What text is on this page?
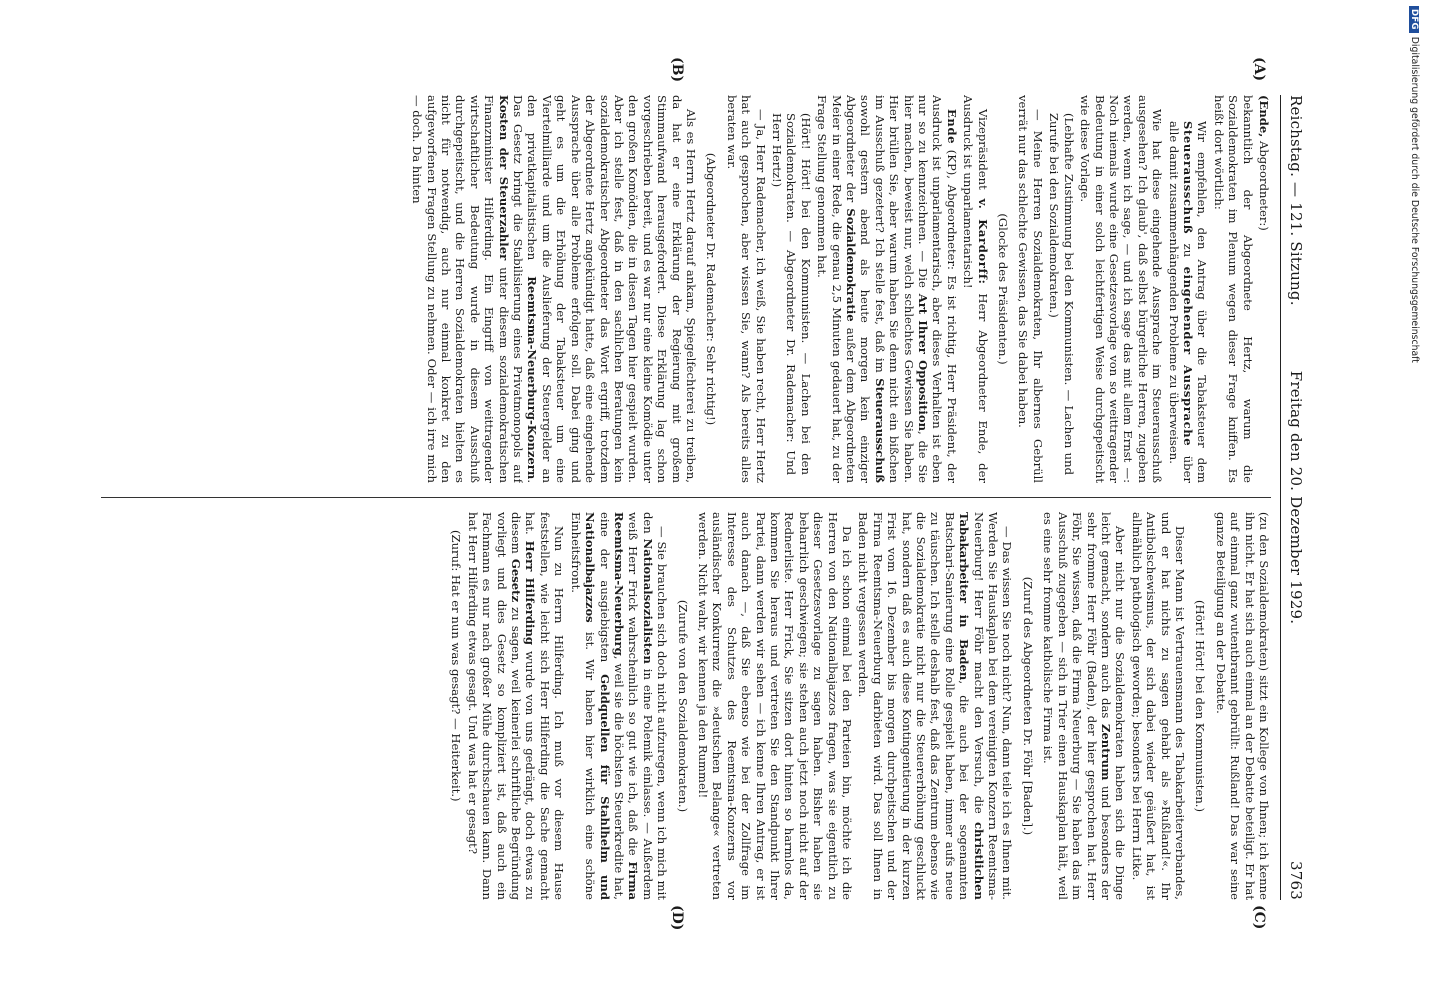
Reichstag. — 121. Sitzung.
Freitag den 20. Dezember 1929.
3763
(A)
(B)
(C)
(D)

(Ende, Abgeordneter:)

bekanntlich der Abgeordnete Hertz, warum die Sozialdemokraten im Plenum wegen dieser Frage kniffen. Es heißt dort wörtlich:

Wir empfehlen, den Antrag über die Tabaksteuer dem Steuerausschuß zu eingehender Aussprache über alle damit zusammenhängenden Probleme zu überweisen.

Wie hat diese eingehende Aussprache im Steuerausschuß ausgesehen? Ich glaub', daß selbst bürgerliche Herren, zugeben werden, wenn ich sage, — und ich sage das mit allem Ernst —: Noch niemals wurde eine Gesetzesvorlage von so weittragender Bedeutung in einer solch leichtfertigen Weise durchgepeitscht wie diese Vorlage.

(Lebhafte Zustimmung bei den Kommunisten. — Lachen und Zurufe bei den Sozialdemokraten.)

— Meine Herren Sozialdemokraten, Ihr albernes Gebrüll verrät nur das schlechte Gewissen, das Sie dabei haben.

(Glocke des Präsidenten.)

Vizepräsident v. Kardorff: Herr Abgeordneter Ende, der Ausdruck ist unparlamentarisch!

Ende (KP), Abgeordneter: Es ist richtig, Herr Präsident, der Ausdruck ist unparlamentarisch, aber dieses Verhalten ist eben nur so zu kennzeichnen. — Die Art Ihrer Opposition, die Sie hier machen, beweist nur, welch schlechtes Gewissen Sie haben. Hier brüllen Sie, aber warum haben Sie denn nicht ein bißchen im Ausschuß gezetert? Ich stelle fest, daß im Steuerausschuß sowohl gestern abend als heute morgen kein einziger Abgeordneter der Sozialdemokratie außer dem Abgeordneten Meier in einer Rede, die genau 2,5 Minuten gedauert hat, zu der Frage Stellung genommen hat.

(Hört! Hört! bei den Kommunisten. — Lachen bei den Sozialdemokraten. — Abgeordneter Dr. Rademacher: Und Herr Hertz!)

— Ja, Herr Rademacher, ich weiß, Sie haben recht, Herr Hertz hat auch gesprochen, aber wissen Sie, wann? Als bereits alles beraten war.

(Abgeordneter Dr. Rademacher: Sehr richtig!)

Als es Herrn Hertz darauf ankam, Spiegelfechterei zu treiben, da hat er eine Erklärung der Regierung mit großem Stimmaufwand herausgefordert. Diese Erklärung lag schon vorgeschrieben bereit, und es war nur eine kleine Komödie unter den großen Komödien, die in diesen Tagen hier gespielt wurden. Aber ich stelle fest, daß in den sachlichen Beratungen kein sozialdemokratischer Abgeordneter das Wort ergriff, trotzdem der Abgeordnete Hertz angekündigt hatte, daß eine eingehende Aussprache über alle Probleme erfolgen soll. Dabei ging und geht es um die Erhöhung der Tabaksteuer um eine Viertelmilliarde und um die Auslieferung der Steuergelder an den privatkapitalistischen Reemtsma-Neuerburg-Konzern. Das Gesetz bringt die Stabilisierung eines Privatmonopols auf Kosten der Steuerzahler unter diesem sozialdemokratischen Finanzminister Hilferding. Ein Eingriff von weittragender wirtschaftlicher Bedeutung wurde in diesem Ausschuß durchgepeitscht, und die Herren Sozialdemokraten hielten es nicht für notwendig, auch nur einmal konkret zu den aufgeworfenen Fragen Stellung zu nehmen. Oder — ich irre mich — doch. Da hinten

(zu den Sozialdemokraten) sitzt ein Kollege von Ihnen; ich kenne ihn nicht. Er hat sich auch einmal an der Debatte beteiligt. Er hat auf einmal ganz wutentbrannt gebrüllt: Rußland! Das war seine ganze Beteiligung an der Debatte.

(Hört! Hört! bei den Kommunisten.)

Dieser Mann ist Vertrauensmann des Tabakarbeiterverbandes, und er hat nichts zu sagen gehabt als »Rußland!«. Ihr Antibolschewismus, der sich dabei wieder geäußert hat, ist allmählich pathologisch geworden; besonders bei Herrn Litke.

Aber nicht nur die Sozialdemokraten haben sich die Dinge leicht gemacht, sondern auch das Zentrum und besonders der sehr fromme Herr Föhr (Baden), der hier gesprochen hat. Herr Föhr, Sie wissen, daß die Firma Neuerburg — Sie haben das im Ausschuß zugegeben — sich in Trier einen Hauskaplan hält, weil es eine sehr fromme katholische Firma ist.

(Zuruf des Abgeordneten Dr. Föhr [Baden].)

— Das wissen Sie noch nicht? Nun, dann teile ich es Ihnen mit. Werden Sie Hauskaplan bei dem vereinigten Konzern Reemtsma-Neuerburg! Herr Föhr macht den Versuch, die christlichen Tabakarbeiter in Baden, die auch bei der sogenannten Batschari-Sanierung eine Rolle gespielt haben, immer aufs neue zu täuschen. Ich stelle deshalb fest, daß das Zentrum ebenso wie die Sozialdemokratie nicht nur die Steuererhöhung geschluckt hat, sondern daß es auch diese Kontingentierung in der kurzen Frist vom 16. Dezember bis morgen durchpeitschen und der Firma Reemtsma-Neuerburg darbieten wird. Das soll Ihnen in Baden nicht vergessen werden.

Da ich schon einmal bei den Parteien bin, möchte ich die Herren von den Nationalbajazzos fragen, was sie eigentlich zu dieser Gesetzesvorlage zu sagen haben. Bisher haben sie beharrlich geschwiegen; sie stehen auch jetzt noch nicht auf der Rednerliste. Herr Frick, Sie sitzen dort hinten so harmlos da, kommen Sie heraus und vertreten Sie den Standpunkt Ihrer Partei, dann werden wir sehen — ich kenne Ihren Antrag, er ist auch danach —, daß Sie ebenso wie bei der Zollfrage im Interesse des Schutzes des Reemtsma-Konzerns vor ausländischer Konkurrenz die »deutschen Belange« vertreten werden. Nicht wahr, wir kennen ja den Rummel!

(Zurufe von den Sozialdemokraten.)

— Sie brauchen sich doch nicht aufzuregen, wenn ich mich mit den Nationalsozialisten in eine Polemik einlasse. — Außerdem weiß Herr Frick wahrscheinlich so gut wie ich, daß die Firma Reemtsma-Neuerburg, weil sie die höchsten Steuerkredite hat, eine der ausgiebigsten Geldquellen für Stahlhelm und Nationalbajazzos ist. Wir haben hier wirklich eine schöne Einheitsfront.

Nun zu Herrn Hilferding. Ich muß vor diesem Hause feststellen, wie leicht sich Herr Hilferding die Sache gemacht hat. Herr Hilferding wurde von uns gedrängt, doch etwas zu diesem Gesetz zu sagen, weil keinerlei schriftliche Begründung vorliegt und dies Gesetz so kompliziert ist, daß auch ein Fachmann es nur nach großer Mühe durchschauen kann. Dann hat Herr Hilferding etwas gesagt. Und was hat er gesagt?

(Zuruf: Hat er nun was gesagt? — Heiterkeit.)

DFGDigitalisierung gefördert durch die Deutsche Forschungsgemeinschaft
